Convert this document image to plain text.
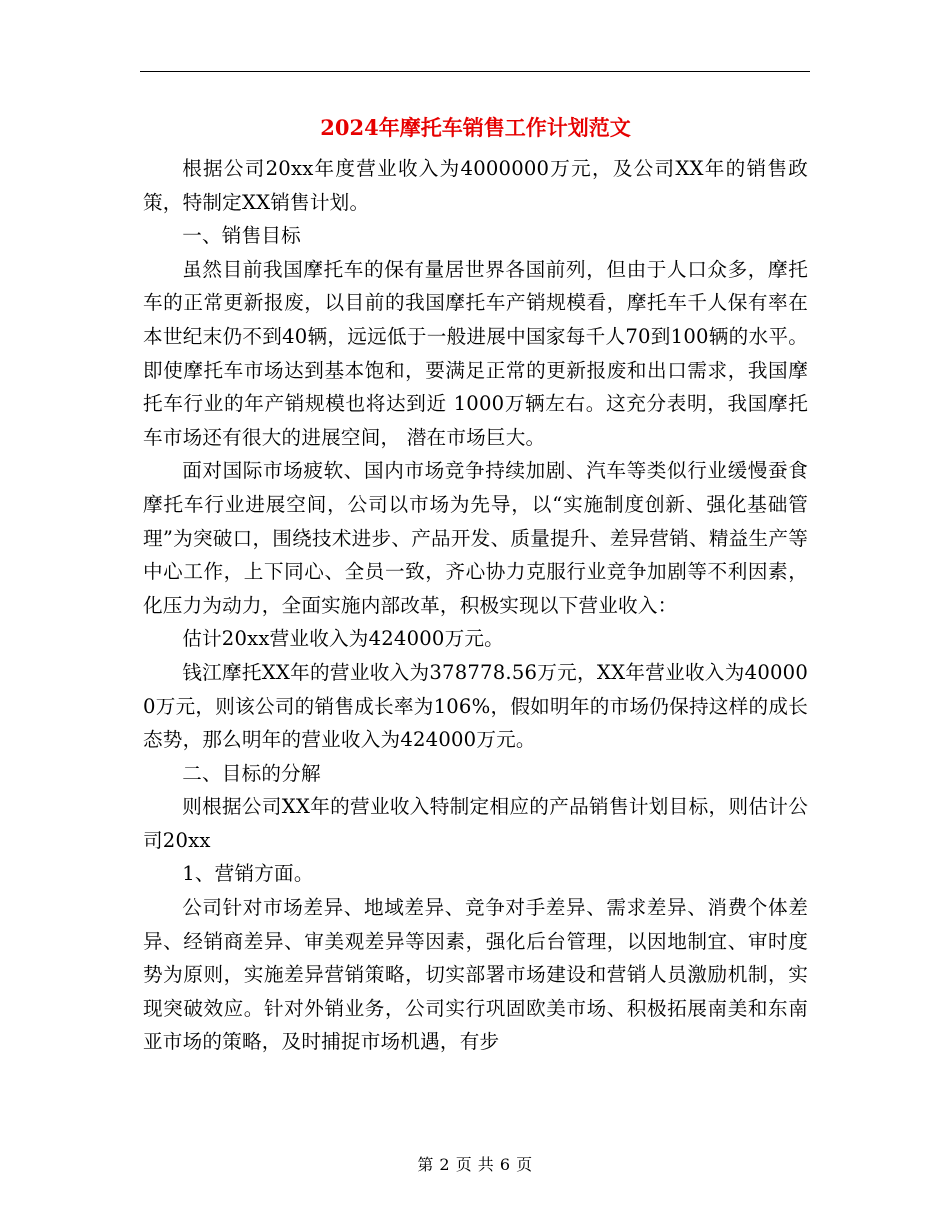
2024年摩托车销售工作计划范文

根据公司20xx年度营业收入为4000000万元，及公司XX年的销售政策，特制定XX销售计划。

一、销售目标

虽然目前我国摩托车的保有量居世界各国前列，但由于人口众多，摩托车的正常更新报废，以目前的我国摩托车产销规模看，摩托车千人保有率在本世纪末仍不到40辆，远远低于一般进展中国家每千人70到100辆的水平。 即使摩托车市场达到基本饱和，要满足正常的更新报废和出口需求，我国摩托车行业的年产销规模也将达到近 1000万辆左右。这充分表明，我国摩托车市场还有很大的进展空间， 潜在市场巨大。

面对国际市场疲软、国内市场竞争持续加剧、汽车等类似行业缓慢蚕食摩托车行业进展空间，公司以市场为先导，以“实施制度创新、强化基础管理”为突破口，围绕技术进步、产品开发、质量提升、差异营销、精益生产等中心工作，上下同心、全员一致，齐心协力克服行业竞争加剧等不利因素，化压力为动力，全面实施内部改革，积极实现以下营业收入：

估计20xx营业收入为424000万元。

钱江摩托XX年的营业收入为378778.56万元，XX年营业收入为400000万元，则该公司的销售成长率为106%，假如明年的市场仍保持这样的成长态势，那么明年的营业收入为424000万元。

二、目标的分解

则根据公司XX年的营业收入特制定相应的产品销售计划目标，则估计公司20xx

1、营销方面。

公司针对市场差异、地域差异、竞争对手差异、需求差异、消费个体差异、经销商差异、审美观差异等因素，强化后台管理，以因地制宜、审时度势为原则，实施差异营销策略，切实部署市场建设和营销人员激励机制，实现突破效应。针对外销业务，公司实行巩固欧美市场、积极拓展南美和东南亚市场的策略，及时捕捉市场机遇，有步

第 2 页 共 6 页
